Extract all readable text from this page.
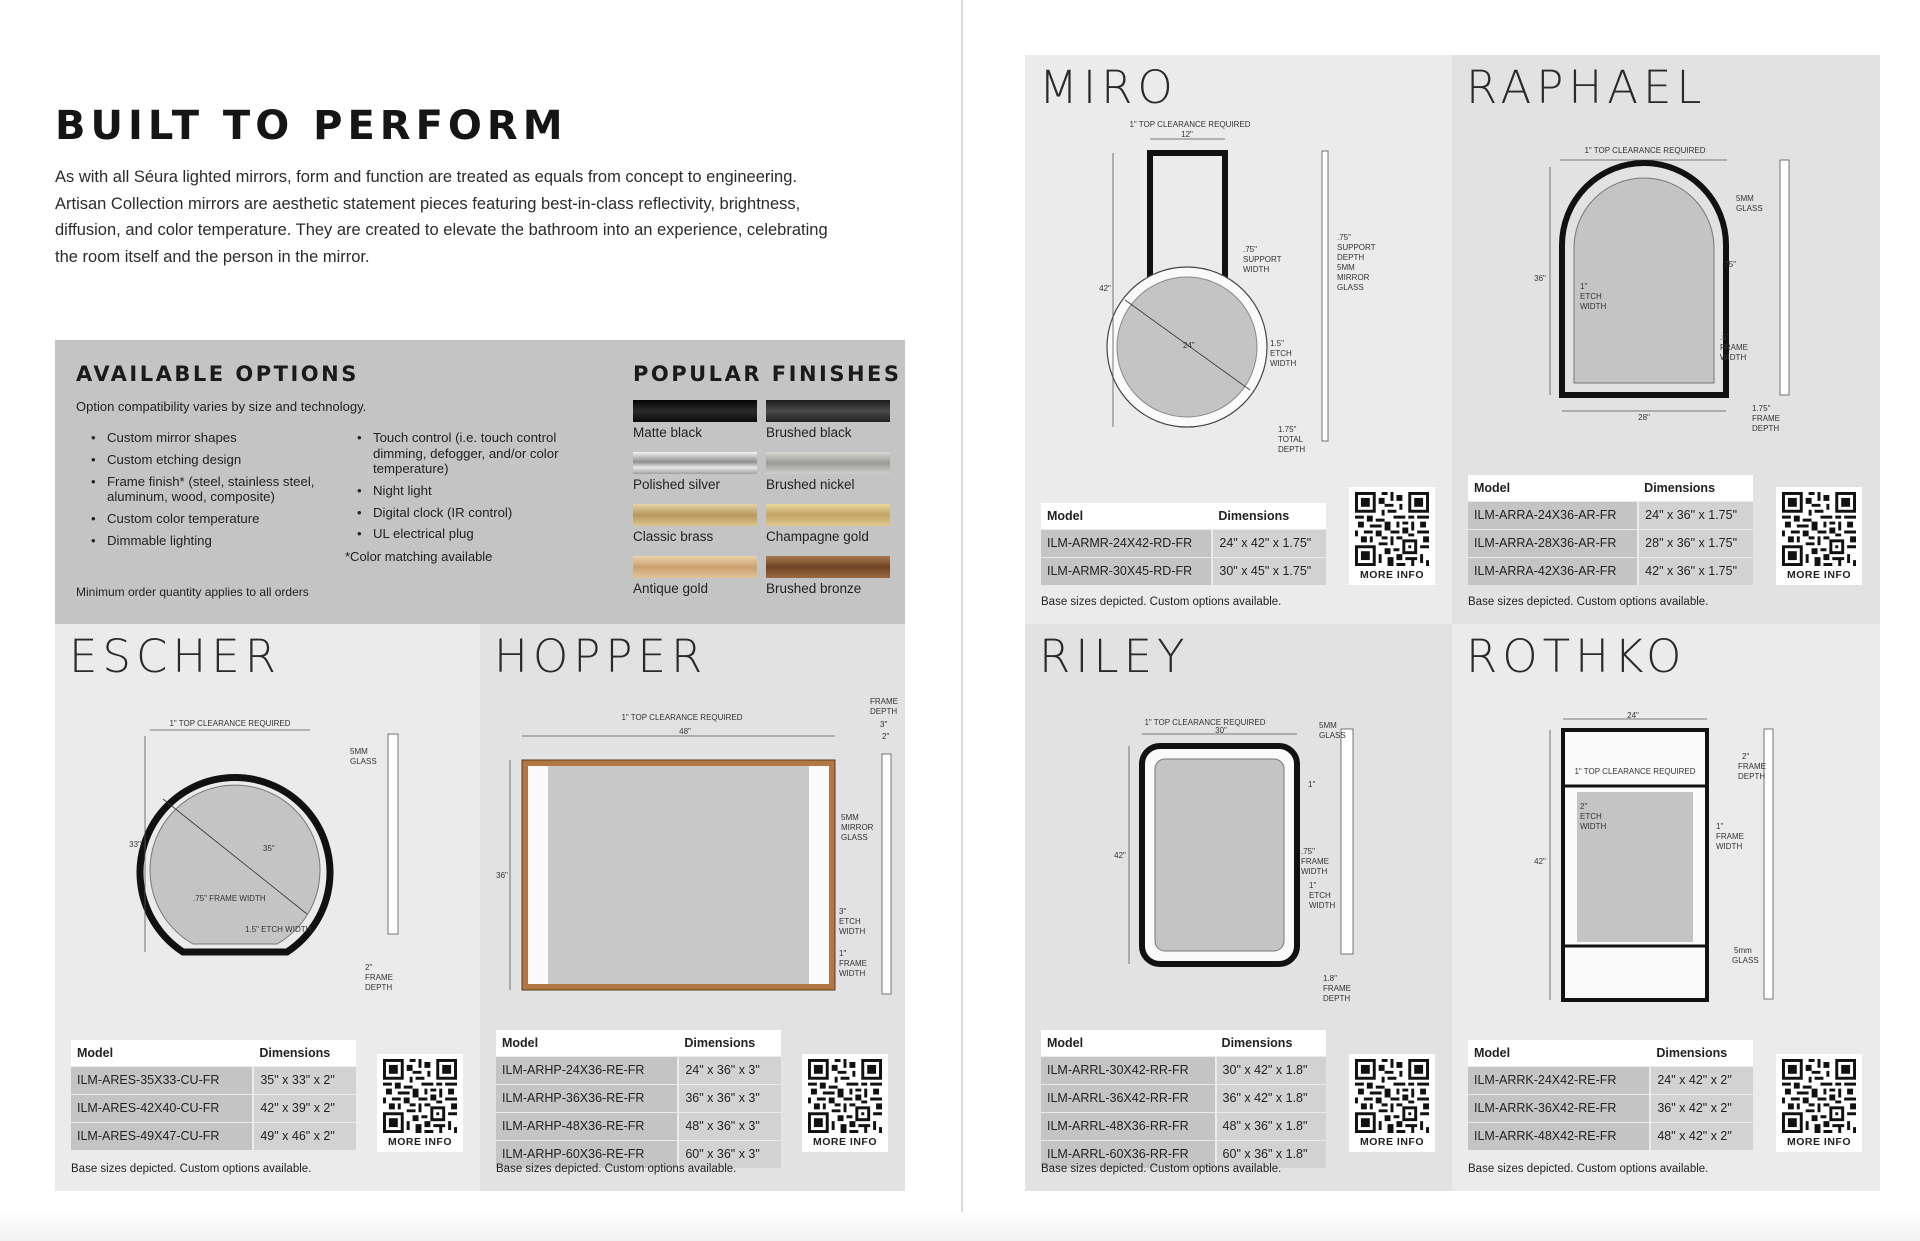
BUILT TO PERFORM
As with all Séura lighted mirrors, form and function are treated as equals from concept to engineering.
Artisan Collection mirrors are aesthetic statement pieces featuring best-in-class reflectivity, brightness,
diffusion, and color temperature. They are created to elevate the bathroom into an experience, celebrating
the room itself and the person in the mirror.
AVAILABLE OPTIONS
Option compatibility varies by size and technology.
• Custom mirror shapes
• Custom etching design
• Frame finish* (steel, stainless steel, aluminum, wood, composite)
• Custom color temperature
• Dimmable lighting
• Touch control (i.e. touch control dimming, defogger, and/or color temperature)
• Night light
• Digital clock (IR control)
• UL electrical plug
*Color matching available
Minimum order quantity applies to all orders
POPULAR FINISHES
Matte black	Brushed black
Polished silver	Brushed nickel
Classic brass	Champagne gold
Antique gold	Brushed bronze
ESCHER
1" TOP CLEARANCE REQUIRED
35"
33"
.75" FRAME WIDTH
1.5" ETCH WIDTH
5MM
GLASS
2"
FRAME
DEPTH
Model	Dimensions
ILM-ARES-35X33-CU-FR	35" x 33" x 2"
ILM-ARES-42X40-CU-FR	42" x 39" x 2"
ILM-ARES-49X47-CU-FR	49" x 46" x 2"	MORE INFO
Base sizes depicted. Custom options available.
HOPPER
1" TOP CLEARANCE REQUIRED
48"
36"
FRAME
DEPTH
3"
2"
5MM
MIRROR
GLASS
3"
ETCH
WIDTH
1"
FRAME
WIDTH
Model	Dimensions
ILM-ARHP-24X36-RE-FR	24" x 36" x 3"
ILM-ARHP-36X36-RE-FR	36" x 36" x 3"
ILM-ARHP-48X36-RE-FR	48" x 36" x 3"
ILM-ARHP-60X36-RE-FR	60" x 36" x 3"
MORE INFO
Base sizes depicted. Custom options available.
MIRO
1" TOP CLEARANCE REQUIRED
12"
24"
42"
.75"
SUPPORT
WIDTH
.75"
SUPPORT
DEPTH
5MM
MIRROR
GLASS
1.5"
ETCH
WIDTH
1.75"
TOTAL
DEPTH
Model	Dimensions
ILM-ARMR-24X42-RD-FR	24" x 42" x 1.75"
ILM-ARMR-30X45-RD-FR	30" x 45" x 1.75"	MORE INFO
Base sizes depicted. Custom options available.
RAPHAEL
1" TOP CLEARANCE REQUIRED
36"
1"
ETCH
WIDTH
.75"
.5"
FRAME
WIDTH
28"
5MM
GLASS
1.75"
FRAME
DEPTH
Model	Dimensions
ILM-ARRA-24X36-AR-FR	24" x 36" x 1.75"
ILM-ARRA-28X36-AR-FR	28" x 36" x 1.75"
ILM-ARRA-42X36-AR-FR	42" x 36" x 1.75"	MORE INFO
Base sizes depicted. Custom options available.
RILEY
1" TOP CLEARANCE REQUIRED
30"
42"
1"
.75"
FRAME
WIDTH
1"
ETCH
WIDTH
5MM
GLASS
1.8"
FRAME
DEPTH
Model	Dimensions
ILM-ARRL-30X42-RR-FR	30" x 42" x 1.8"
ILM-ARRL-36X42-RR-FR	36" x 42" x 1.8"
ILM-ARRL-48X36-RR-FR	48" x 36" x 1.8"
ILM-ARRL-60X36-RR-FR	60" x 36" x 1.8"
MORE INFO
Base sizes depicted. Custom options available.
ROTHKO
24"
1" TOP CLEARANCE REQUIRED
42"
2"
ETCH
WIDTH	1"
FRAME
WIDTH
2"
FRAME
DEPTH
5mm
GLASS
Model	Dimensions
ILM-ARRK-24X42-RE-FR	24" x 42" x 2"
ILM-ARRK-36X42-RE-FR	36" x 42" x 2"
ILM-ARRK-48X42-RE-FR	48" x 42" x 2"	MORE INFO
Base sizes depicted. Custom options available.
